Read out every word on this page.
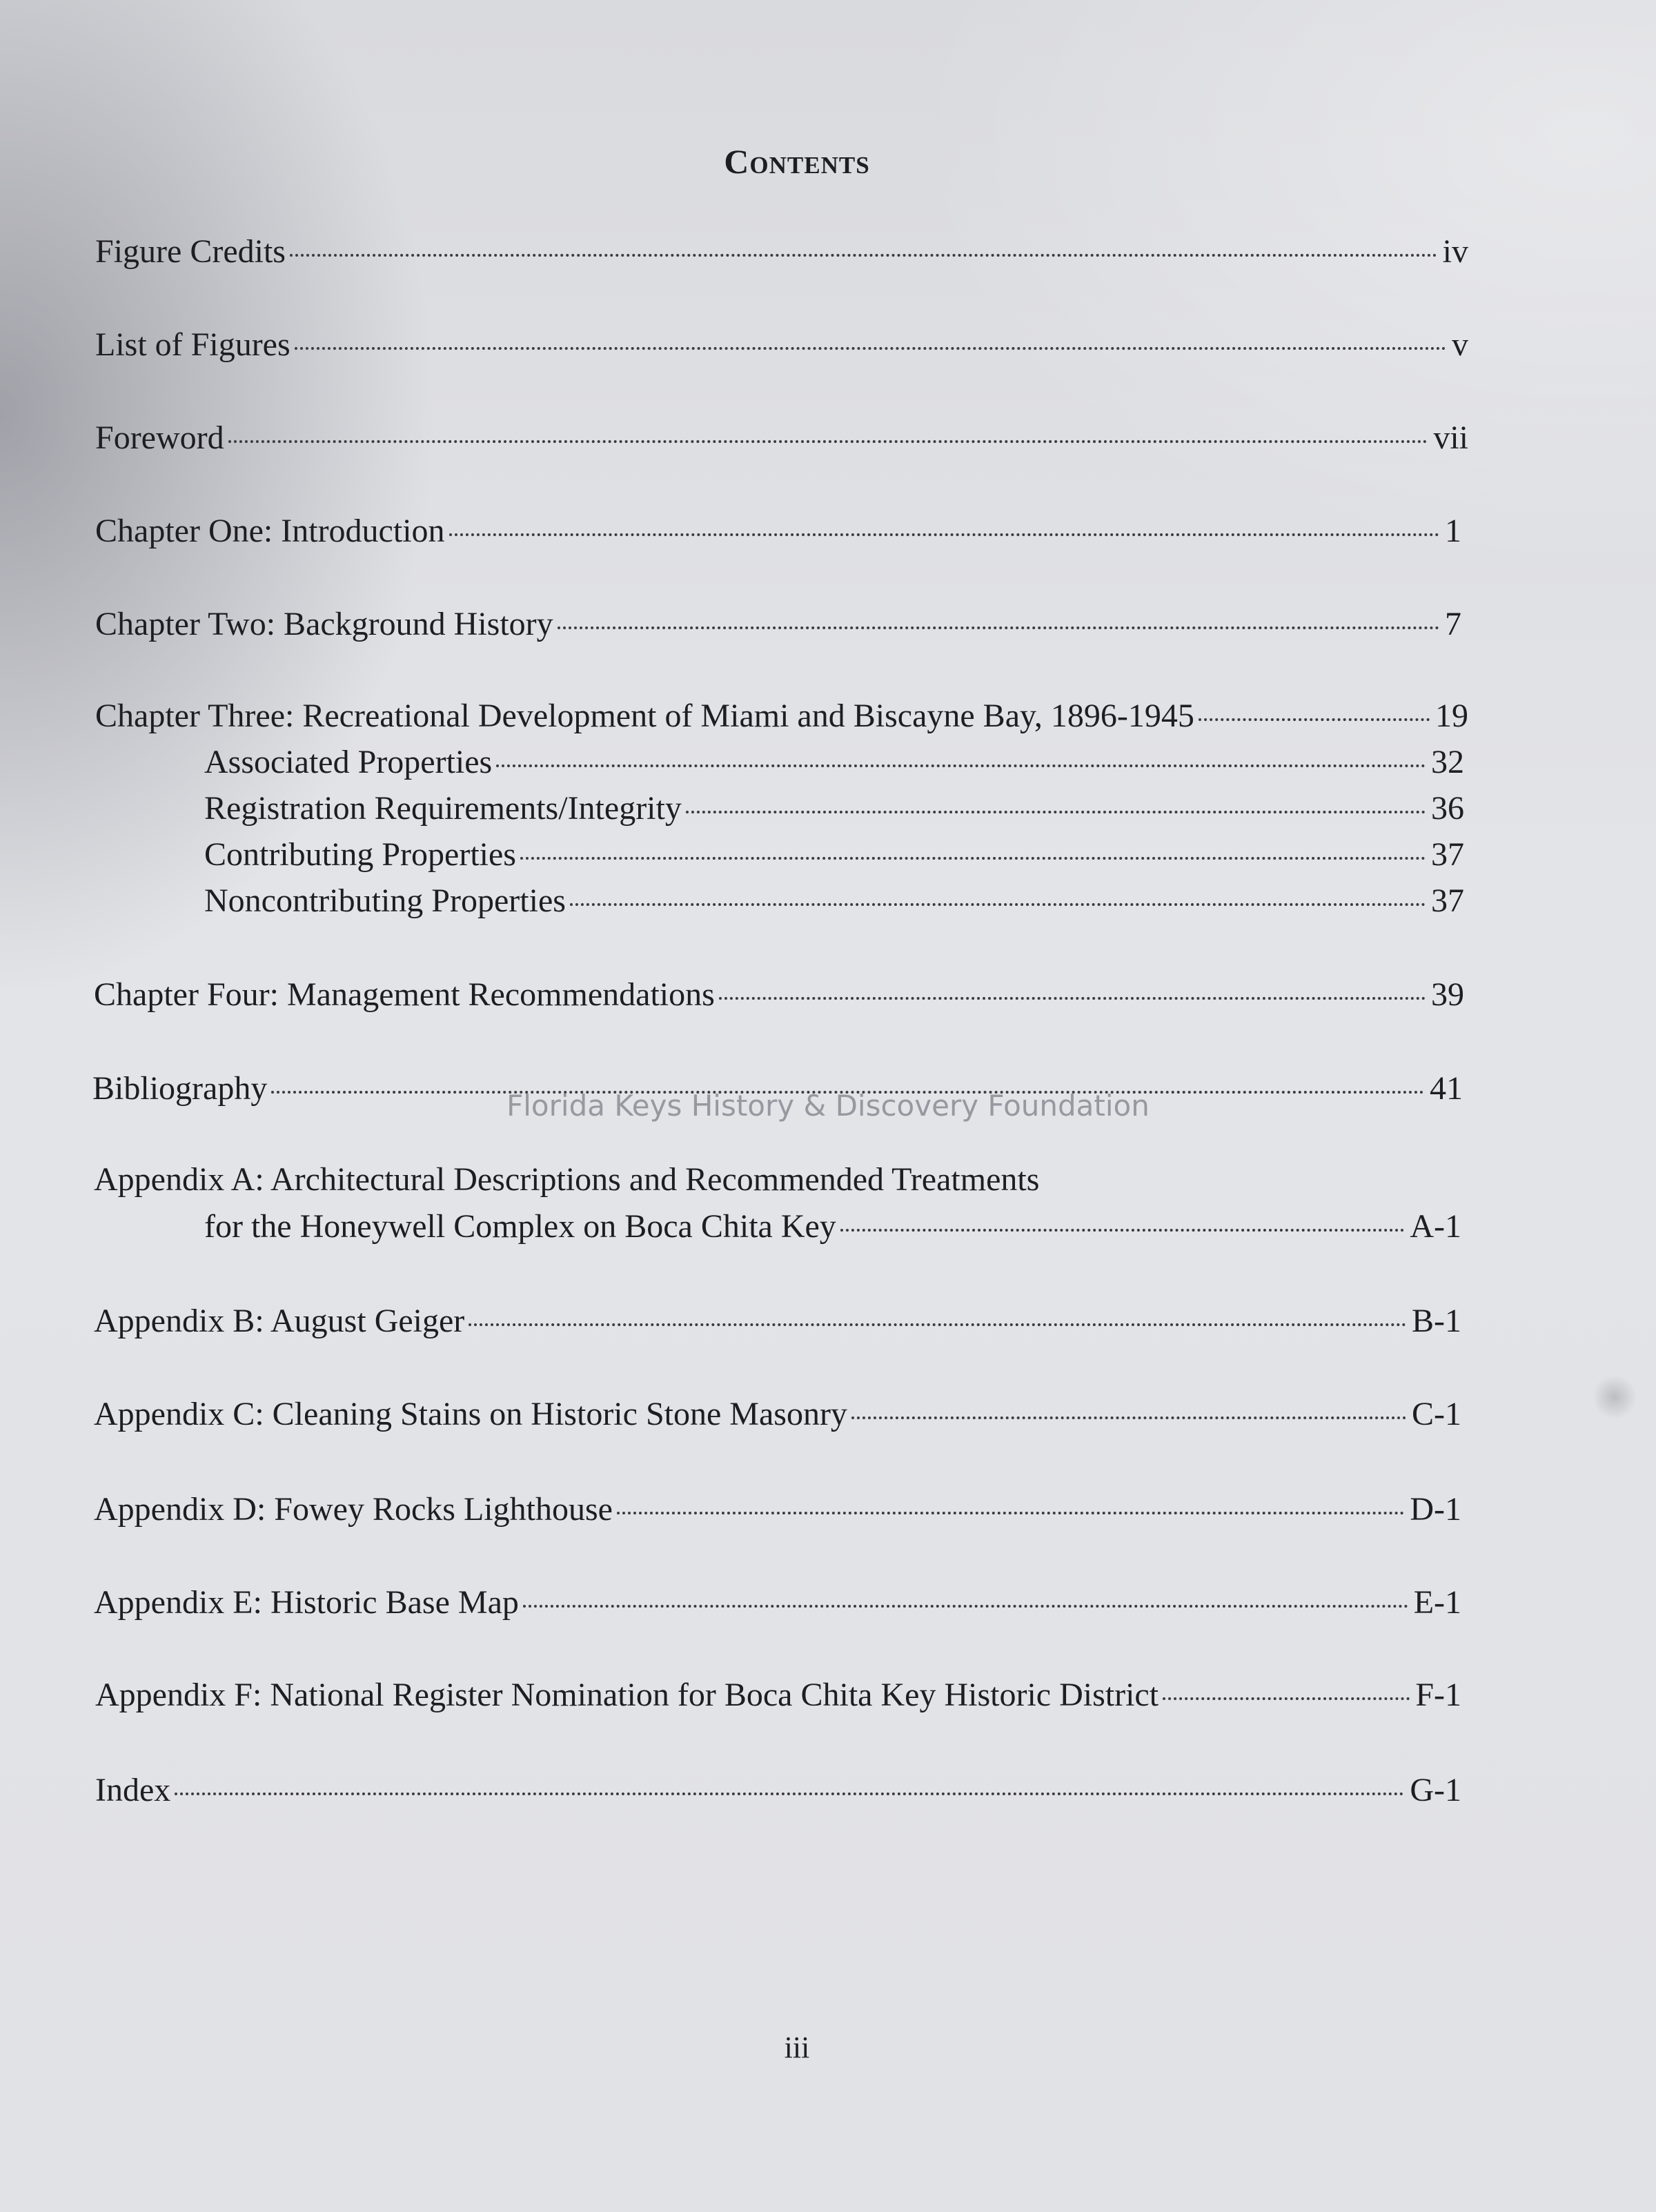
Contents
Figure Credits	iv
List of Figures	v
Foreword	vii
Chapter One: Introduction	1
Chapter Two: Background History	7
Chapter Three: Recreational Development of Miami and Biscayne Bay, 1896-1945	19
Associated Properties	32
Registration Requirements/Integrity	36
Contributing Properties	37
Noncontributing Properties	37
Chapter Four: Management Recommendations	39
Bibliography	41
Appendix A: Architectural Descriptions and Recommended Treatments
for the Honeywell Complex on Boca Chita Key	A-1
Appendix B: August Geiger	B-1
Appendix C: Cleaning Stains on Historic Stone Masonry	C-1
Appendix D: Fowey Rocks Lighthouse	D-1
Appendix E: Historic Base Map	E-1
Appendix F: National Register Nomination for Boca Chita Key Historic District	F-1
Index	G-1
Florida Keys History & Discovery Foundation
iii
